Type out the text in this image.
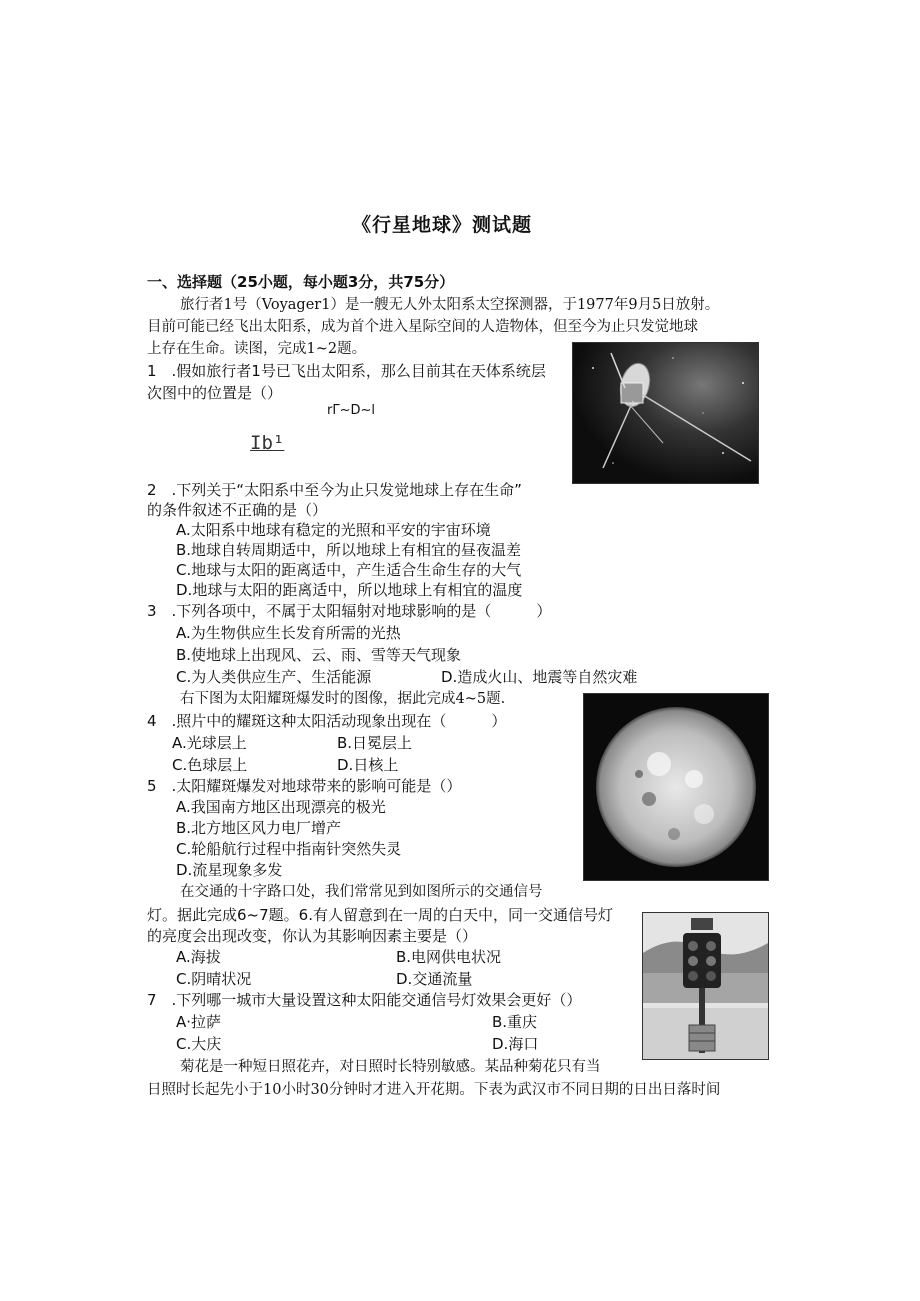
《行星地球》测试题
一、选择题（25小题，每小题3分，共75分）
旅行者1号（Voyager1）是一艘无人外太阳系太空探测器，于1977年9月5日放射。
目前可能已经飞出太阳系，成为首个进入星际空间的人造物体，但至今为止只发觉地球
上存在生命。读图，完成1~2题。
1　.假如旅行者1号已飞出太阳系，那么目前其在天体系统层
次图中的位置是（）
rΓ~D~l
Ib¹
2　.下列关于“太阳系中至今为止只发觉地球上存在生命”
的条件叙述不正确的是（）
A.太阳系中地球有稳定的光照和平安的宇宙环境
B.地球自转周期适中，所以地球上有相宜的昼夜温差
C.地球与太阳的距离适中，产生适合生命生存的大气
D.地球与太阳的距离适中，所以地球上有相宜的温度
3　.下列各项中，不属于太阳辐射对地球影响的是（　　　）
A.为生物供应生长发育所需的光热
B.使地球上出现风、云、雨、雪等天气现象
C.为人类供应生产、生活能源	D.造成火山、地震等自然灾难
右下图为太阳耀斑爆发时的图像，据此完成4~5题.
4　.照片中的耀斑这种太阳活动现象出现在（　　　）
A.光球层上	B.日冕层上
C.色球层上	D.日核上
5　.太阳耀斑爆发对地球带来的影响可能是（）
A.我国南方地区出现漂亮的极光
B.北方地区风力电厂增产
C.轮船航行过程中指南针突然失灵
D.流星现象多发
在交通的十字路口处，我们常常见到如图所示的交通信号
灯。据此完成6~7题。6.有人留意到在一周的白天中，同一交通信号灯
的亮度会出现改变，你认为其影响因素主要是（）
A.海拔	B.电网供电状况
C.阴晴状况	D.交通流量
7　.下列哪一城市大量设置这种太阳能交通信号灯效果会更好（）
A·拉萨	B.重庆
C.大庆	D.海口
菊花是一种短日照花卉，对日照时长特别敏感。某品种菊花只有当
日照时长起先小于10小时30分钟时才进入开花期。下表为武汉市不同日期的日出日落时间
